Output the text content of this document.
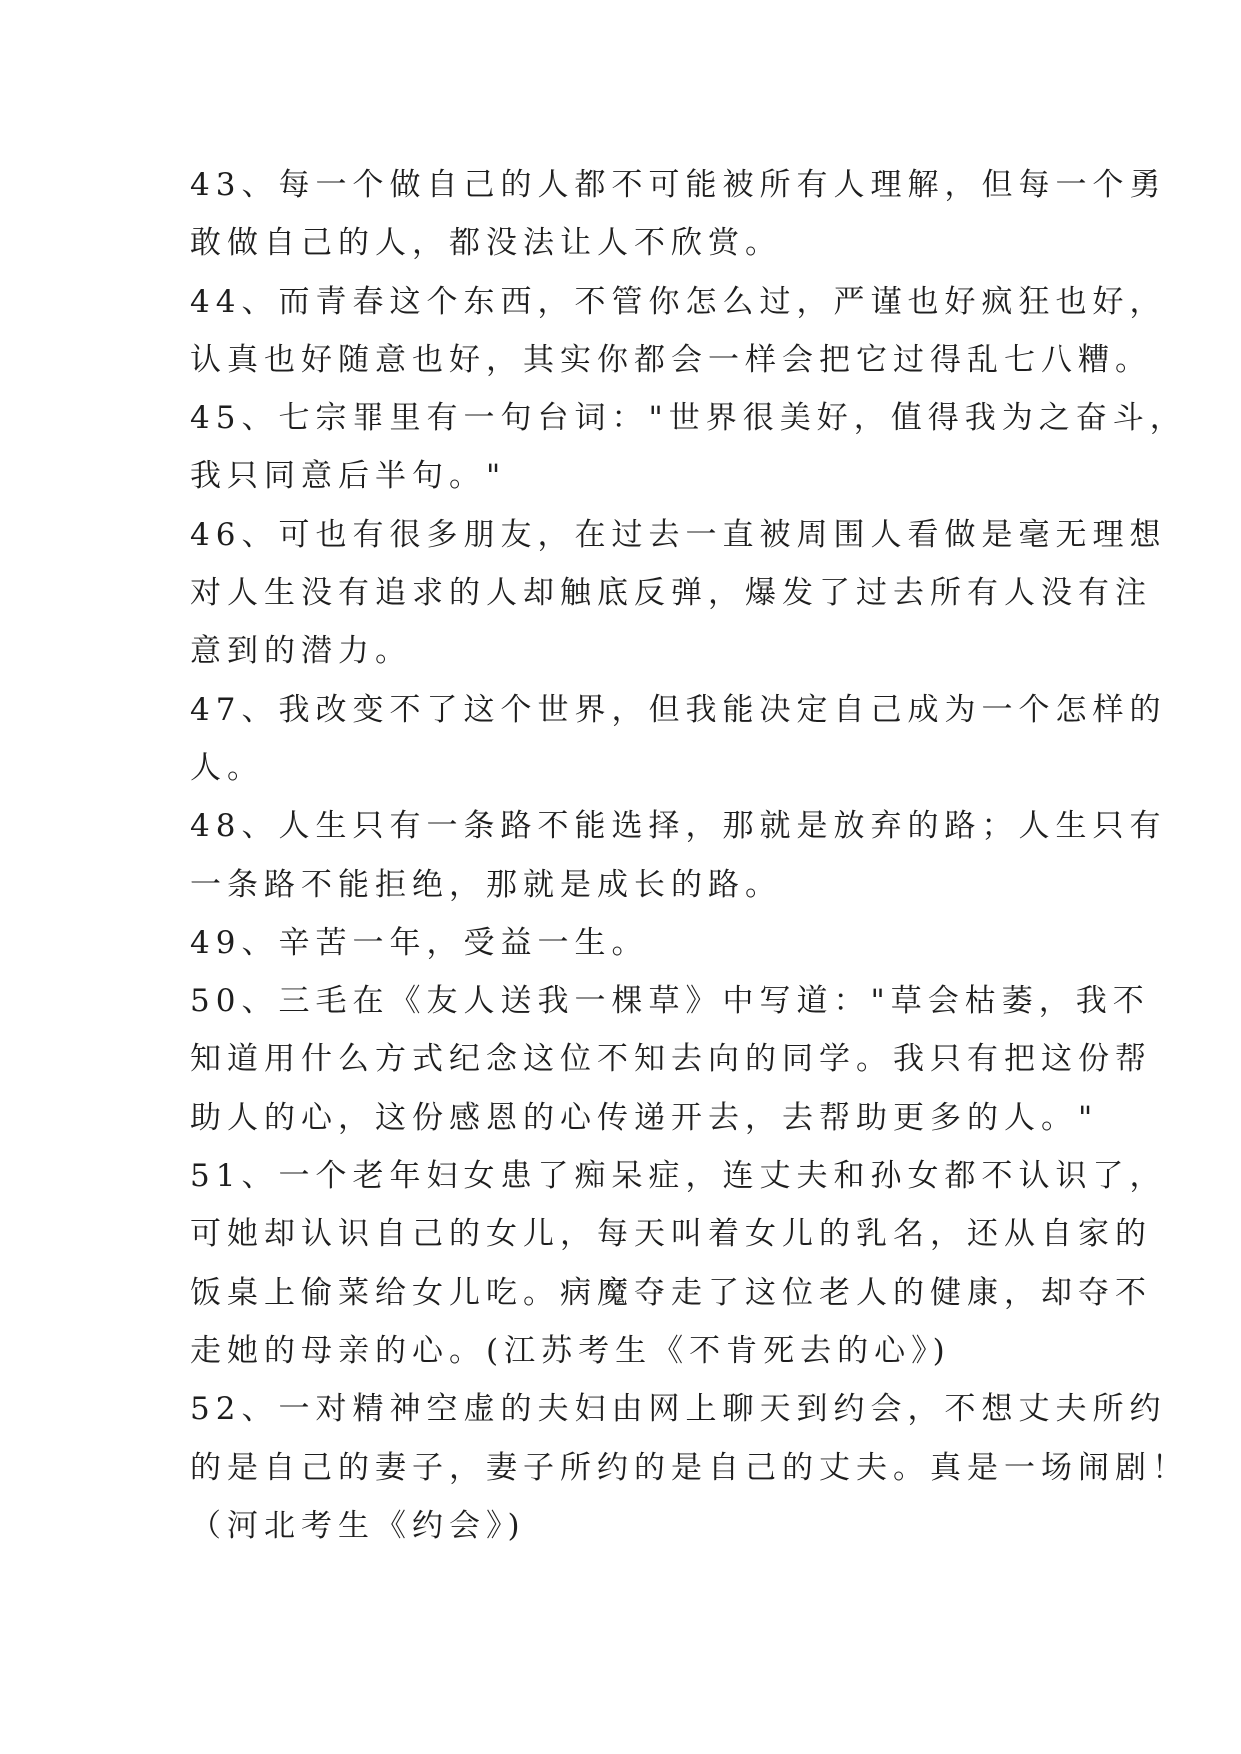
43、每一个做自己的人都不可能被所有人理解，但每一个勇
敢做自己的人，都没法让人不欣赏。
44、而青春这个东西，不管你怎么过，严谨也好疯狂也好，
认真也好随意也好，其实你都会一样会把它过得乱七八糟。
45、七宗罪里有一句台词："世界很美好，值得我为之奋斗，
我只同意后半句。"
46、可也有很多朋友，在过去一直被周围人看做是毫无理想
对人生没有追求的人却触底反弹，爆发了过去所有人没有注
意到的潜力。
47、我改变不了这个世界，但我能决定自己成为一个怎样的
人。
48、人生只有一条路不能选择，那就是放弃的路；人生只有
一条路不能拒绝，那就是成长的路。
49、辛苦一年，受益一生。
50、三毛在《友人送我一棵草》中写道："草会枯萎，我不
知道用什么方式纪念这位不知去向的同学。我只有把这份帮
助人的心，这份感恩的心传递开去，去帮助更多的人。"
51、一个老年妇女患了痴呆症，连丈夫和孙女都不认识了，
可她却认识自己的女儿，每天叫着女儿的乳名，还从自家的
饭桌上偷菜给女儿吃。病魔夺走了这位老人的健康，却夺不
走她的母亲的心。(江苏考生《不肯死去的心》)
52、一对精神空虚的夫妇由网上聊天到约会，不想丈夫所约
的是自己的妻子，妻子所约的是自己的丈夫。真是一场闹剧！
（河北考生《约会》)
